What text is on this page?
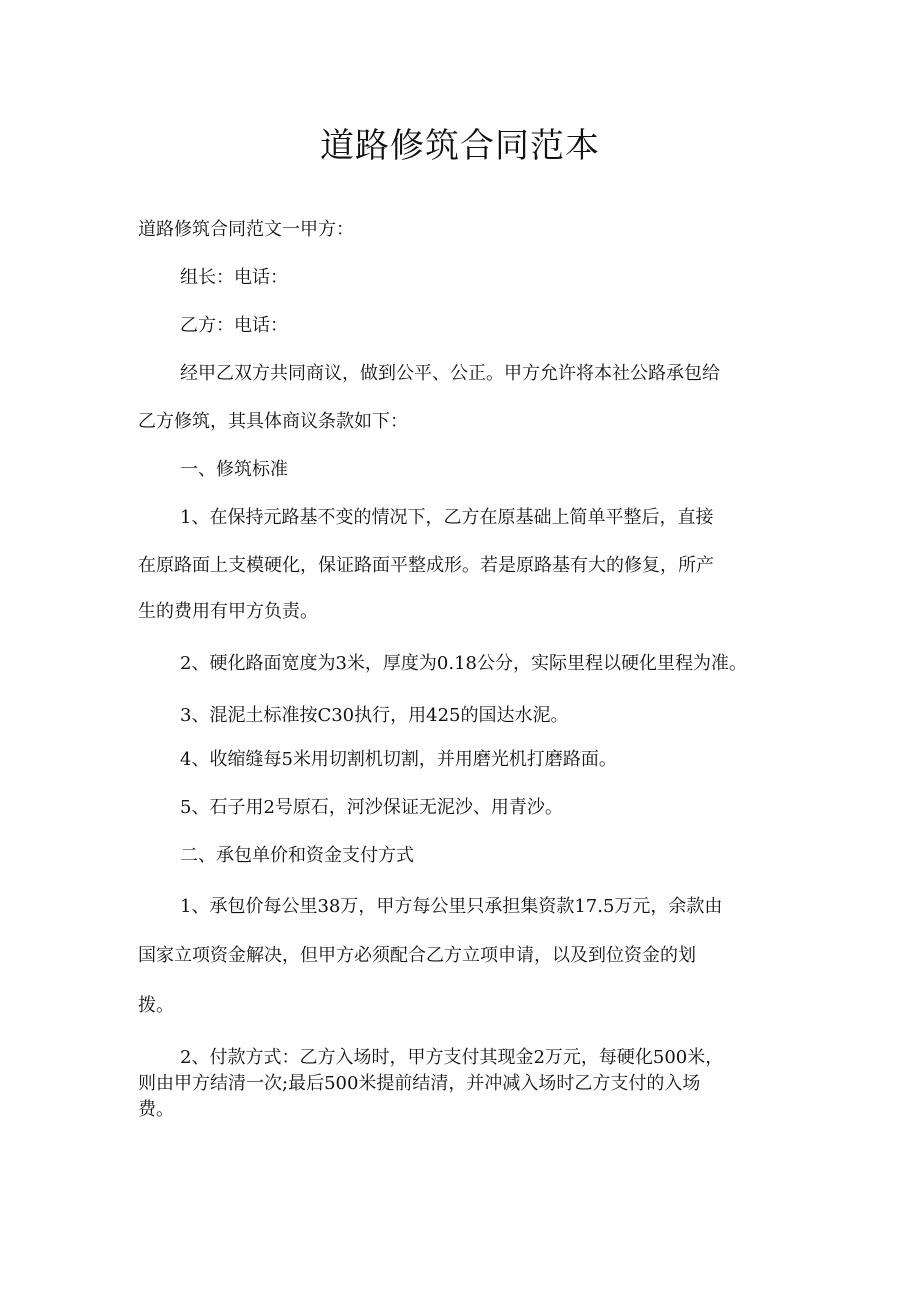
道路修筑合同范本
道路修筑合同范文一甲方：
组长：电话：
乙方：电话：
经甲乙双方共同商议，做到公平、公正。甲方允许将本社公路承包给
乙方修筑，其具体商议条款如下：
一、修筑标准
1、在保持元路基不变的情况下，乙方在原基础上简单平整后，直接
在原路面上支模硬化，保证路面平整成形。若是原路基有大的修复，所产
生的费用有甲方负责。
2、硬化路面宽度为3米，厚度为0.18公分，实际里程以硬化里程为准。
3、混泥土标准按C30执行，用425的国达水泥。
4、收缩缝每5米用切割机切割，并用磨光机打磨路面。
5、石子用2号原石，河沙保证无泥沙、用青沙。
二、承包单价和资金支付方式
1、承包价每公里38万，甲方每公里只承担集资款17.5万元，余款由
国家立项资金解决，但甲方必须配合乙方立项申请，以及到位资金的划
拨。
2、付款方式：乙方入场时，甲方支付其现金2万元，每硬化500米，
则由甲方结清一次;最后500米提前结清，并冲减入场时乙方支付的入场
费。
